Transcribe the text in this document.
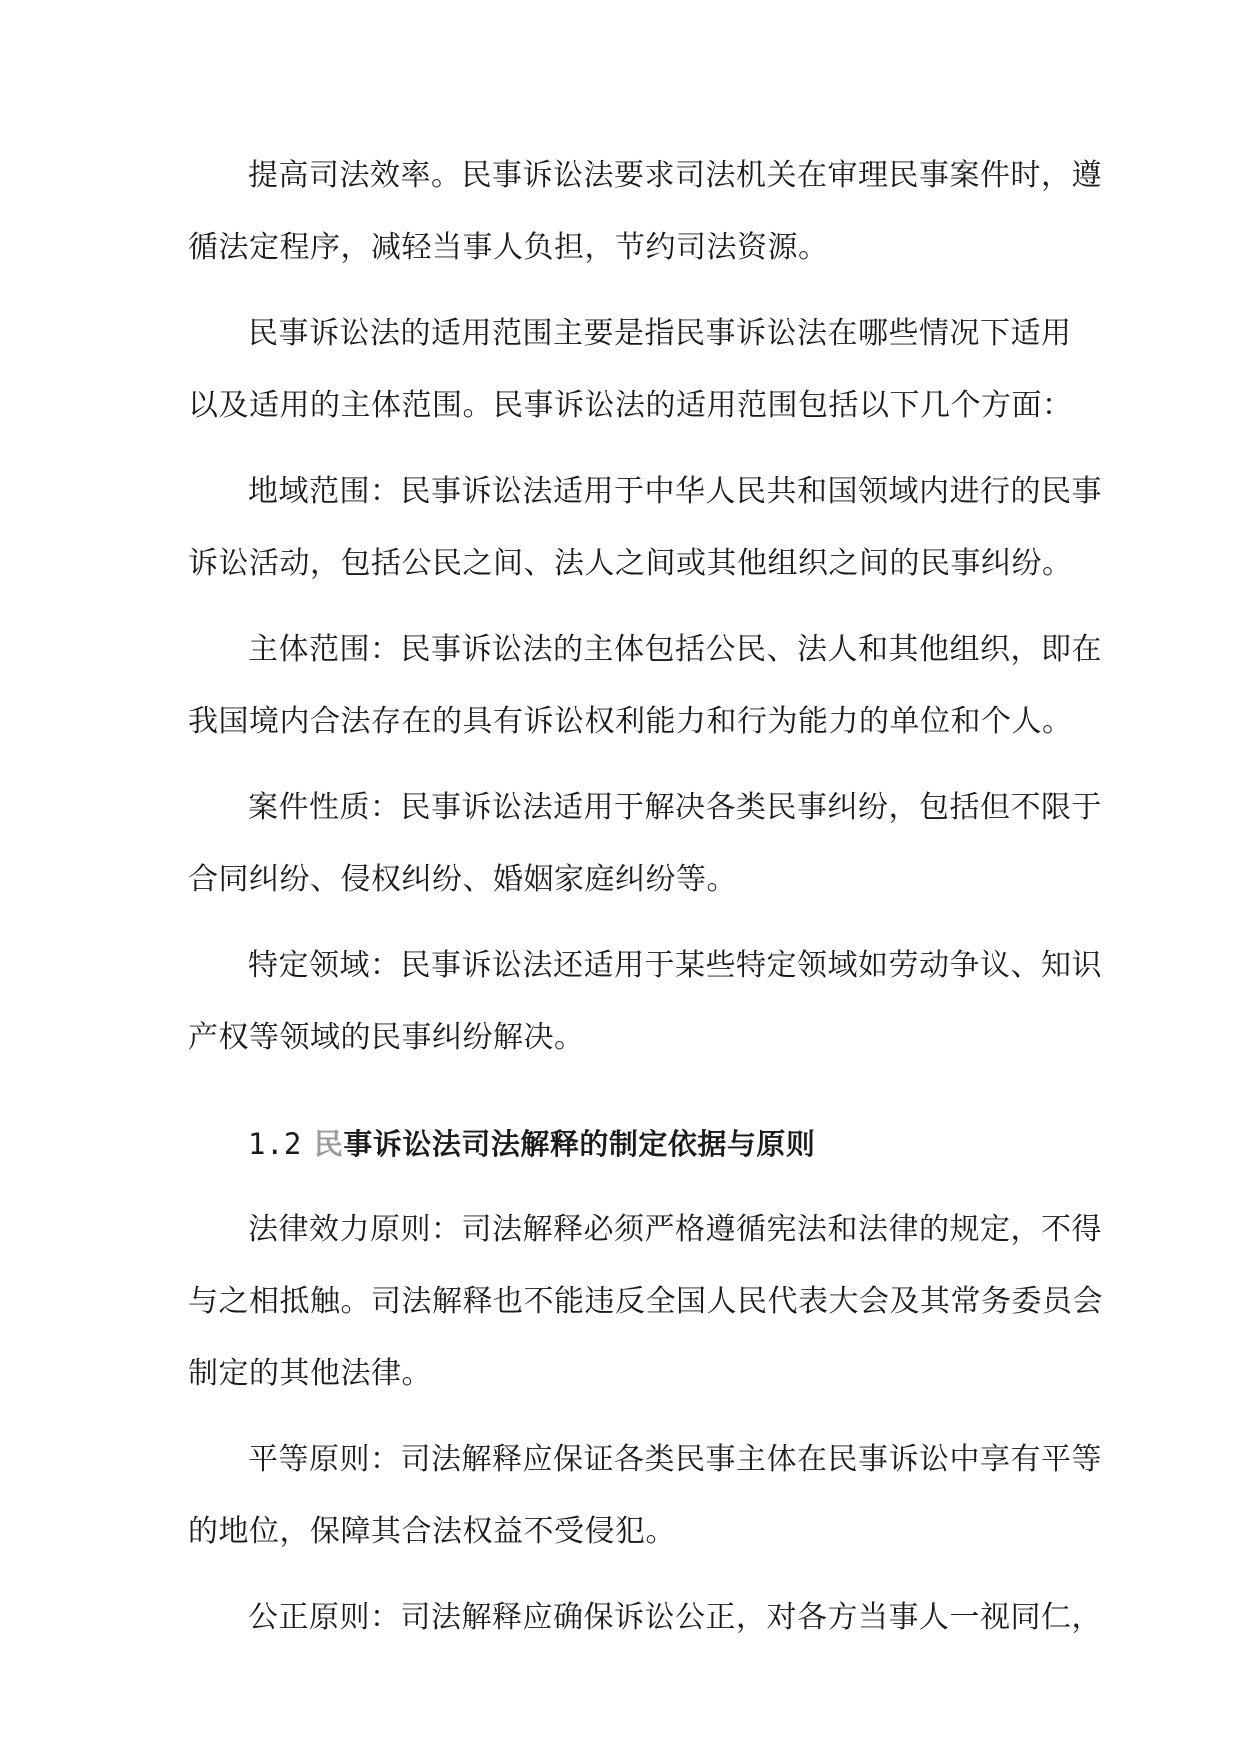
提高司法效率。民事诉讼法要求司法机关在审理民事案件时，遵
循法定程序，减轻当事人负担，节约司法资源。
民事诉讼法的适用范围主要是指民事诉讼法在哪些情况下适用
以及适用的主体范围。民事诉讼法的适用范围包括以下几个方面：
地域范围：民事诉讼法适用于中华人民共和国领域内进行的民事
诉讼活动，包括公民之间、法人之间或其他组织之间的民事纠纷。
主体范围：民事诉讼法的主体包括公民、法人和其他组织，即在
我国境内合法存在的具有诉讼权利能力和行为能力的单位和个人。
案件性质：民事诉讼法适用于解决各类民事纠纷，包括但不限于
合同纠纷、侵权纠纷、婚姻家庭纠纷等。
特定领域：民事诉讼法还适用于某些特定领域如劳动争议、知识
产权等领域的民事纠纷解决。
1.2 民事诉讼法司法解释的制定依据与原则
法律效力原则：司法解释必须严格遵循宪法和法律的规定，不得
与之相抵触。司法解释也不能违反全国人民代表大会及其常务委员会
制定的其他法律。
平等原则：司法解释应保证各类民事主体在民事诉讼中享有平等
的地位，保障其合法权益不受侵犯。
公正原则：司法解释应确保诉讼公正，对各方当事人一视同仁，
